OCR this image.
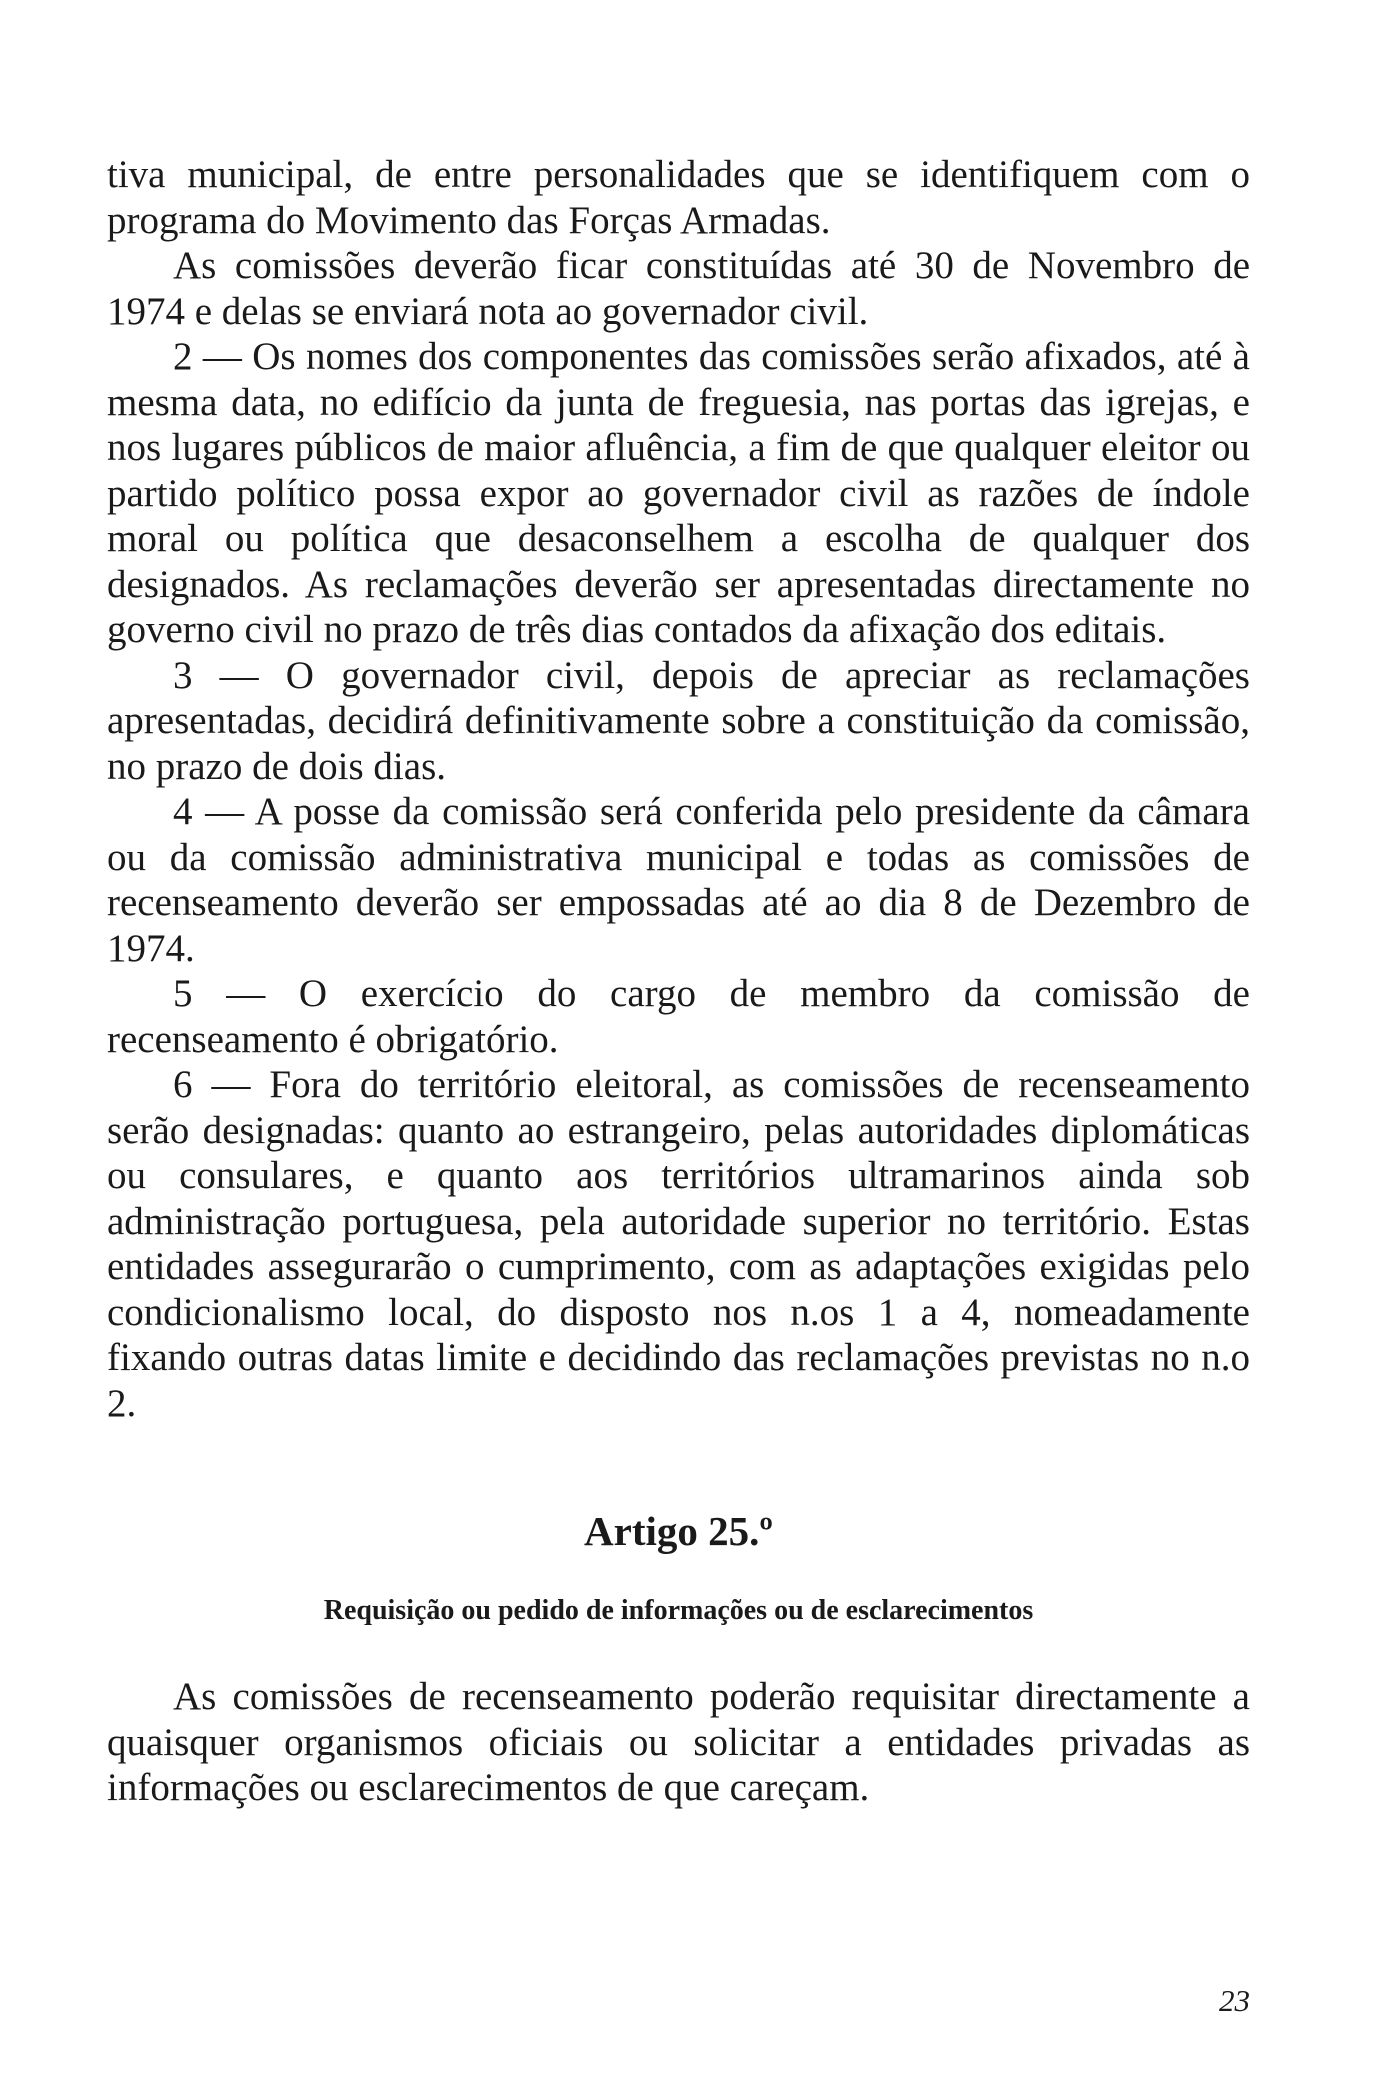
tiva municipal, de entre personalidades que se identifiquem com o programa do Movimento das Forças Armadas.

As comissões deverão ficar constituídas até 30 de Novembro de 1974 e delas se enviará nota ao governador civil.

2 — Os nomes dos componentes das comissões serão afixados, até à mesma data, no edifício da junta de freguesia, nas portas das igrejas, e nos lugares públicos de maior afluência, a fim de que qualquer eleitor ou partido político possa expor ao governador civil as razões de índole moral ou política que desaconselhem a escolha de qualquer dos designados. As reclamações deverão ser apresentadas directamente no governo civil no prazo de três dias contados da afixação dos editais.

3 — O governador civil, depois de apreciar as reclamações apresentadas, decidirá definitivamente sobre a constituição da comissão, no prazo de dois dias.

4 — A posse da comissão será conferida pelo presidente da câmara ou da comissão administrativa municipal e todas as comissões de recenseamento deverão ser empossadas até ao dia 8 de Dezembro de 1974.

5 — O exercício do cargo de membro da comissão de recenseamento é obrigatório.

6 — Fora do território eleitoral, as comissões de recenseamento serão designadas: quanto ao estrangeiro, pelas autoridades diplomáticas ou consulares, e quanto aos territórios ultramarinos ainda sob administração portuguesa, pela autoridade superior no território. Estas entidades assegurarão o cumprimento, com as adaptações exigidas pelo condicionalismo local, do disposto nos n.os 1 a 4, nomeadamente fixando outras datas limite e decidindo das reclamações previstas no n.o 2.

Artigo 25.º
Requisição ou pedido de informações ou de esclarecimentos

As comissões de recenseamento poderão requisitar directamente a quaisquer organismos oficiais ou solicitar a entidades privadas as informações ou esclarecimentos de que careçam.

23
